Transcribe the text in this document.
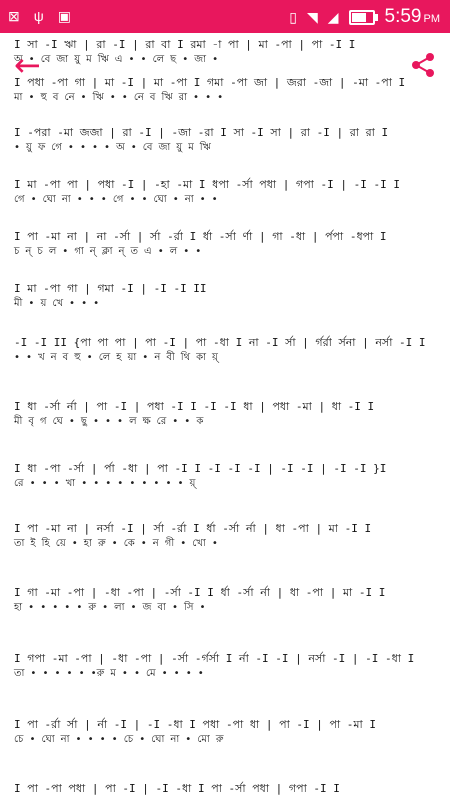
⊠ ψ ▣	▯ ◥ ◢ 5:59 PM
I সা -I ঋা | রা -I | রা বা I রমা -া পা | মা -পা | পা -I I
অ • বে জা য়ু ম ঋি এ • • লে ছ • জা •
I পধা -পা গা | মা -I | মা -পা I গমা -পা জা | জরা -জা | -মা -পা I
মা • হু ব নে • ঋি • • নে ব ঋি রা • • •
I -পরা -মা জজা | রা -I | -জা -রা I সা -I সা | রা -I | রা রা I
• য়ু ফ গে • • • • অ • বে জা য়ু ম ঋি
I মা -পা পা | পধা -I | -হা -মা I ধপা -র্সা পধা | গপা -I | -I -I I
গে • ঘো না • • • গে • • ঘো • না • •
I পা -মা না | না -র্সা | র্সা -র্রা I র্ধা -র্সা র্ণা | গা -ধা | র্পপা -ধপা I
চ ন্ চ ল • গা ন্ ক্লা ন্ ত এ • ল • •
I মা -পা গা | গমা -I | -I -I II
মী • য় খে • • •
-I -I II {পা পা পা | পা -I | পা -ধা I না -I র্সা | র্গর্রা র্সনা | নর্সা -I I
• • খ ন ব হু • লে হ য়া • ন বী থি কা য়্
I ধা -র্সা র্না | পা -I | পধা -I I -I -I ধা | পধা -মা | ধা -I I
মী বৃ গ ঘে • ছু • • • ল ক্ষ রে • • ক
I ধা -পা -র্সা | র্পা -ধা | পা -I I -I -I -I | -I -I | -I -I }I
রে • • • খা • • • • • • • • • য়্
I পা -মা না | নর্সা -I | র্সা -র্রা I র্ধা -র্সা র্না | ধা -পা | মা -I I
তা ই হি য়ে • হা রু • কে • ন গী • খো •
I গা -মা -পা | -ধা -পা | -র্সা -I I র্ধা -র্সা র্না | ধা -পা | মা -I I
হা • • • • • রু • লা • জ বা • সি •
I গপা -মা -পা | -ধা -পা | -র্সা -র্গর্সা I র্না -I -I | নর্সা -I | -I -ধা I
তা • • • • • •রু ম • • মে • • • •
I পা -র্রা র্সা | র্না -I | -I -ধা I পধা -পা ধা | পা -I | পা -মা I
চে • ঘো না • • • • চে • ঘো না • মো রু
I পা -পা পধা | পা -I | -I -ধা I পা -র্সা পধা | গপা -I I
←
